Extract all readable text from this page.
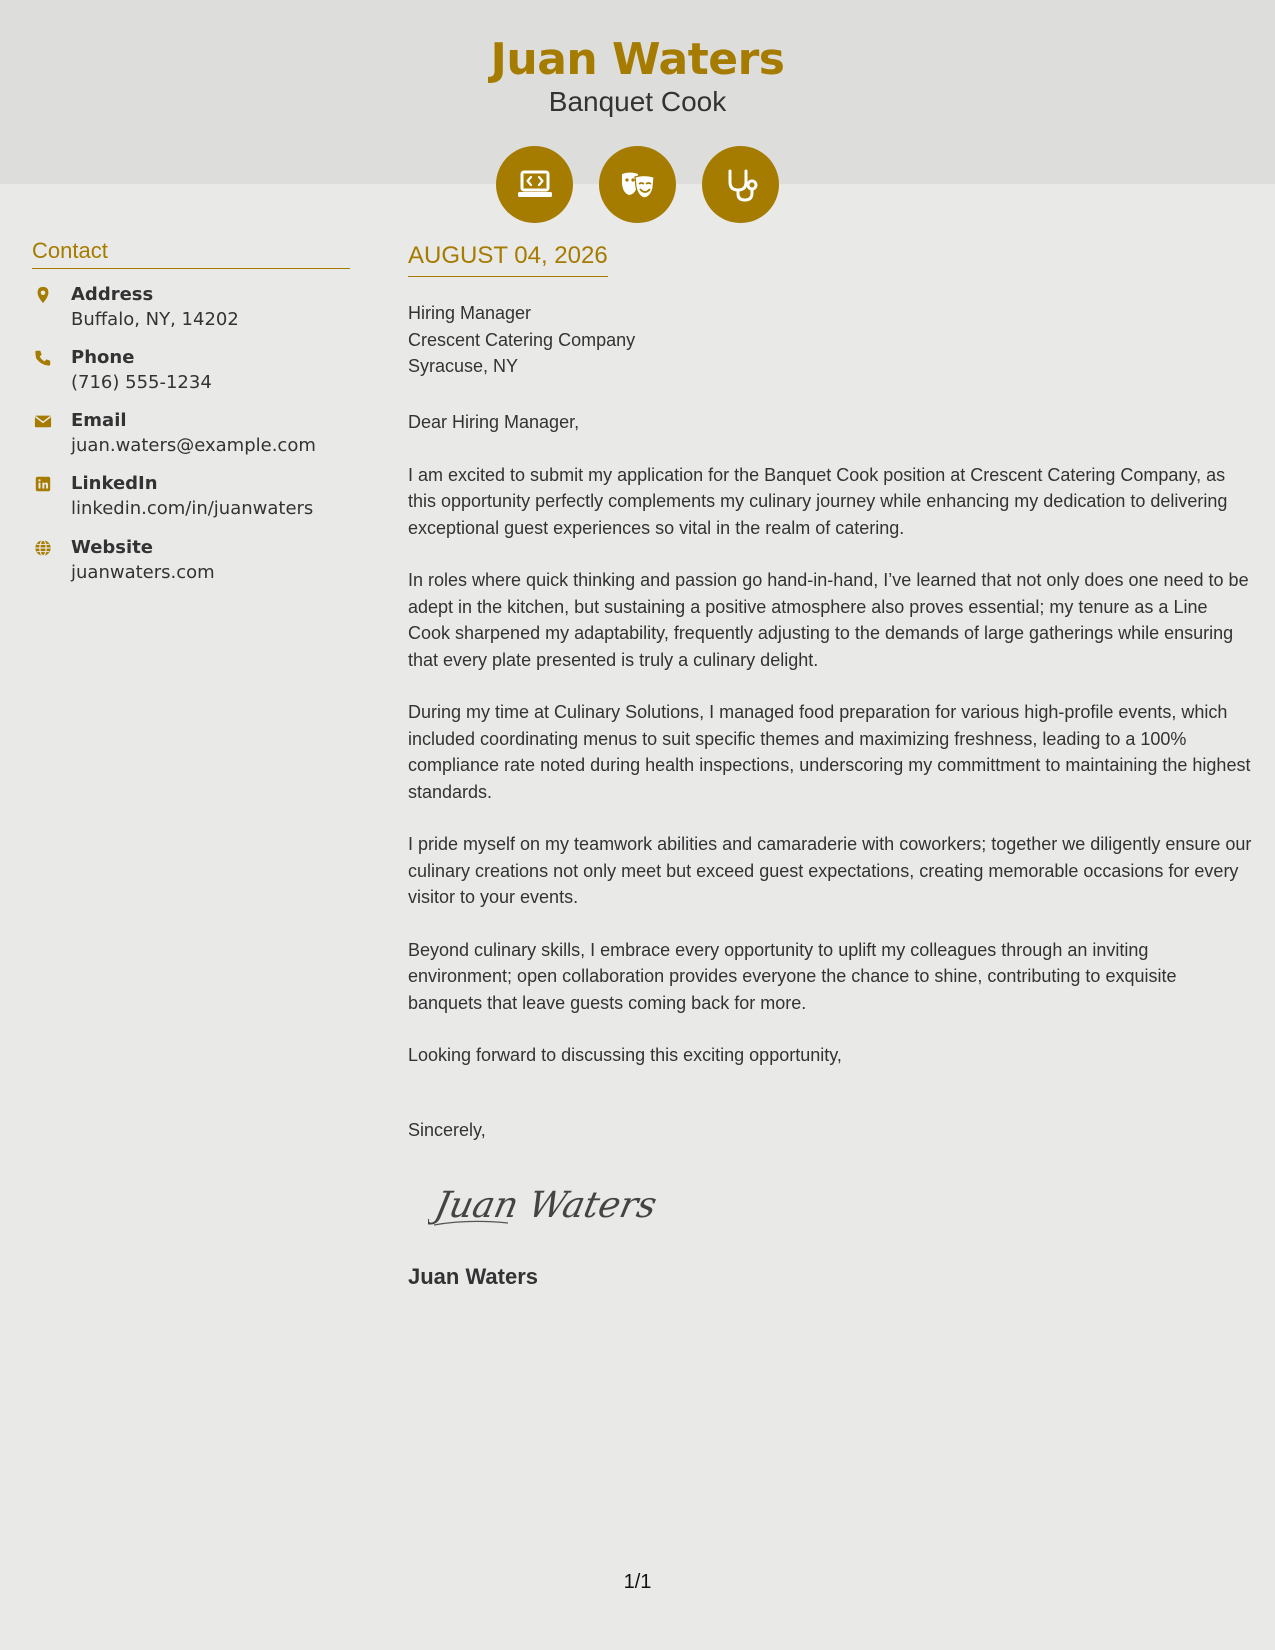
Juan Waters
Banquet Cook
Contact
Address
Buffalo, NY, 14202
Phone
(716) 555-1234
Email
juan.waters@example.com
LinkedIn
linkedin.com/in/juanwaters
Website
juanwaters.com
AUGUST 04, 2026
Hiring Manager
Crescent Catering Company
Syracuse, NY

Dear Hiring Manager,

I am excited to submit my application for the Banquet Cook position at Crescent Catering Company, as this opportunity perfectly complements my culinary journey while enhancing my dedication to delivering exceptional guest experiences so vital in the realm of catering.

In roles where quick thinking and passion go hand-in-hand, I’ve learned that not only does one need to be adept in the kitchen, but sustaining a positive atmosphere also proves essential; my tenure as a Line Cook sharpened my adaptability, frequently adjusting to the demands of large gatherings while ensuring that every plate presented is truly a culinary delight.

During my time at Culinary Solutions, I managed food preparation for various high-profile events, which included coordinating menus to suit specific themes and maximizing freshness, leading to a 100% compliance rate noted during health inspections, underscoring my committment to maintaining the highest standards.

I pride myself on my teamwork abilities and camaraderie with coworkers; together we diligently ensure our culinary creations not only meet but exceed guest expectations, creating memorable occasions for every visitor to your events.

Beyond culinary skills, I embrace every opportunity to uplift my colleagues through an inviting environment; open collaboration provides everyone the chance to shine, contributing to exquisite banquets that leave guests coming back for more.

Looking forward to discussing this exciting opportunity,

Sincerely,
Juan Waters
Juan Waters
1/1
